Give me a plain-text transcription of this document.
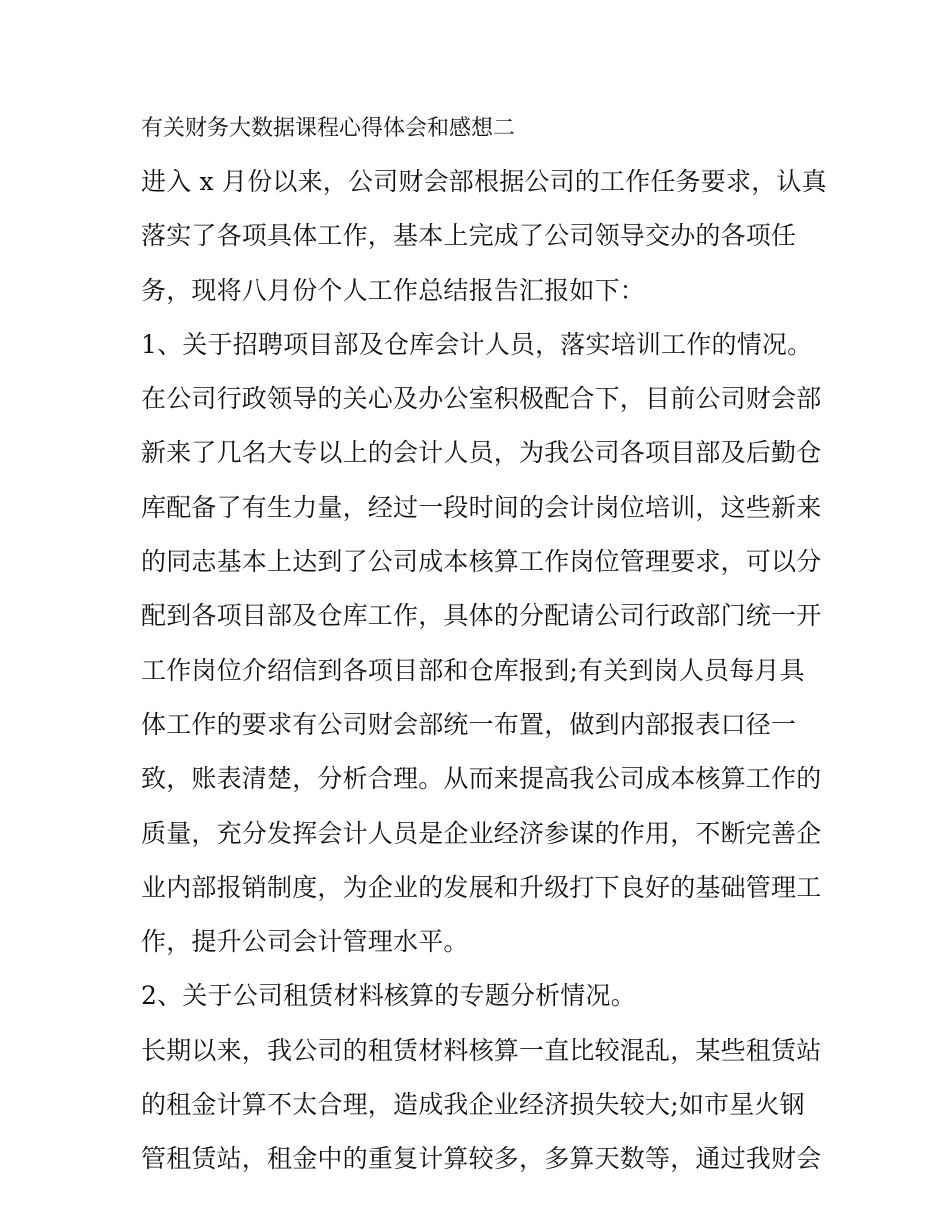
有关财务大数据课程心得体会和感想二
进入 x 月份以来，公司财会部根据公司的工作任务要求，认真
落实了各项具体工作，基本上完成了公司领导交办的各项任
务，现将八月份个人工作总结报告汇报如下：
1、关于招聘项目部及仓库会计人员，落实培训工作的情况。
在公司行政领导的关心及办公室积极配合下，目前公司财会部
新来了几名大专以上的会计人员，为我公司各项目部及后勤仓
库配备了有生力量，经过一段时间的会计岗位培训，这些新来
的同志基本上达到了公司成本核算工作岗位管理要求，可以分
配到各项目部及仓库工作，具体的分配请公司行政部门统一开
工作岗位介绍信到各项目部和仓库报到;有关到岗人员每月具
体工作的要求有公司财会部统一布置，做到内部报表口径一
致，账表清楚，分析合理。从而来提高我公司成本核算工作的
质量，充分发挥会计人员是企业经济参谋的作用，不断完善企
业内部报销制度，为企业的发展和升级打下良好的基础管理工
作，提升公司会计管理水平。
2、关于公司租赁材料核算的专题分析情况。
长期以来，我公司的租赁材料核算一直比较混乱，某些租赁站
的租金计算不太合理，造成我企业经济损失较大;如市星火钢
管租赁站，租金中的重复计算较多，多算天数等，通过我财会
